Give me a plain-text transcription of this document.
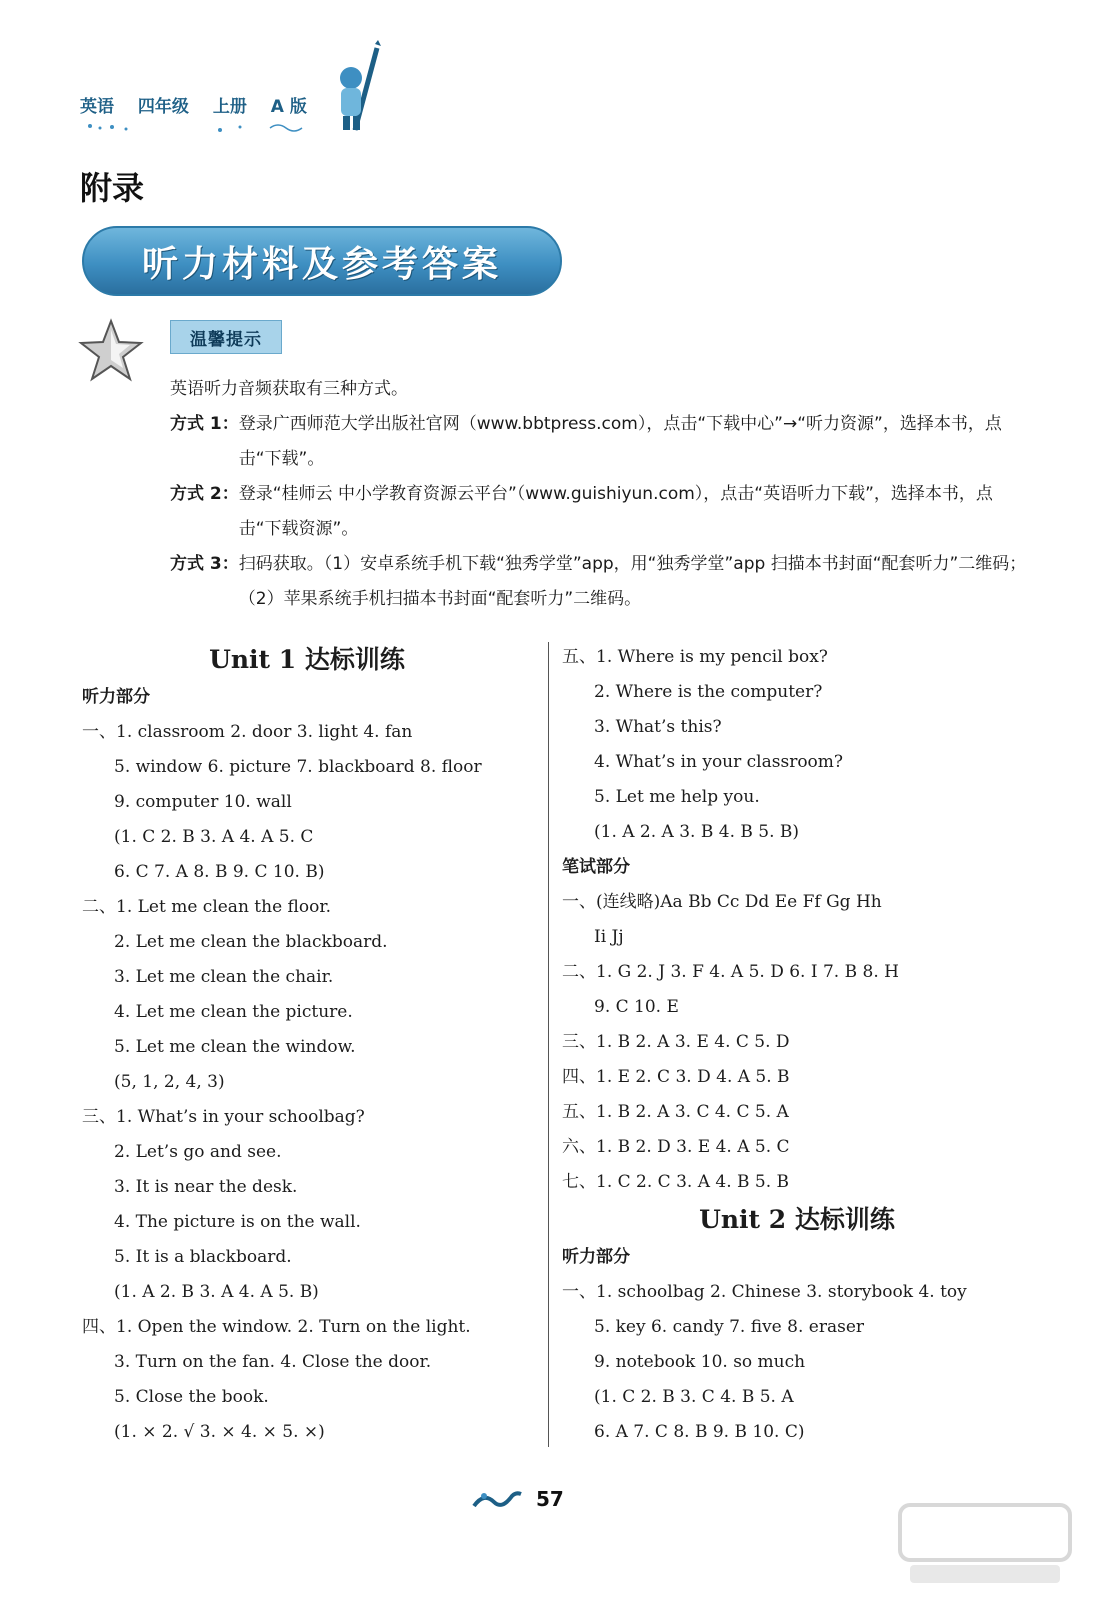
英语 四年级 上册 A 版
附录
听力材料及参考答案
温馨提示
英语听力音频获取有三种方式。
方式 1： 登录广西师范大学出版社官网（www.bbtpress.com），点击“下载中心”→“听力资源”，选择本书，点击“下载”。
方式 2： 登录“桂师云 中小学教育资源云平台”（www.guishiyun.com），点击“英语听力下载”，选择本书，点击“下载资源”。
方式 3： 扫码获取。（1）安卓系统手机下载“独秀学堂”app，用“独秀学堂”app 扫描本书封面“配套听力”二维码；（2）苹果系统手机扫描本书封面“配套听力”二维码。
Unit 1 达标训练
听力部分
一、1. classroom 2. door 3. light 4. fan
5. window 6. picture 7. blackboard 8. floor
9. computer 10. wall
(1. C 2. B 3. A 4. A 5. C
6. C 7. A 8. B 9. C 10. B)
二、1. Let me clean the floor.
2. Let me clean the blackboard.
3. Let me clean the chair.
4. Let me clean the picture.
5. Let me clean the window.
(5, 1, 2, 4, 3)
三、1. What’s in your schoolbag?
2. Let’s go and see.
3. It is near the desk.
4. The picture is on the wall.
5. It is a blackboard.
(1. A 2. B 3. A 4. A 5. B)
四、1. Open the window. 2. Turn on the light.
3. Turn on the fan. 4. Close the door.
5. Close the book.
(1. × 2. √ 3. × 4. × 5. ×)
五、1. Where is my pencil box?
2. Where is the computer?
3. What’s this?
4. What’s in your classroom?
5. Let me help you.
(1. A 2. A 3. B 4. B 5. B)
笔试部分
一、(连线略)Aa Bb Cc Dd Ee Ff Gg Hh
Ii Jj
二、1. G 2. J 3. F 4. A 5. D 6. I 7. B 8. H
9. C 10. E
三、1. B 2. A 3. E 4. C 5. D
四、1. E 2. C 3. D 4. A 5. B
五、1. B 2. A 3. C 4. C 5. A
六、1. B 2. D 3. E 4. A 5. C
七、1. C 2. C 3. A 4. B 5. B
Unit 2 达标训练
听力部分
一、1. schoolbag 2. Chinese 3. storybook 4. toy
5. key 6. candy 7. five 8. eraser
9. notebook 10. so much
(1. C 2. B 3. C 4. B 5. A
6. A 7. C 8. B 9. B 10. C)
57
